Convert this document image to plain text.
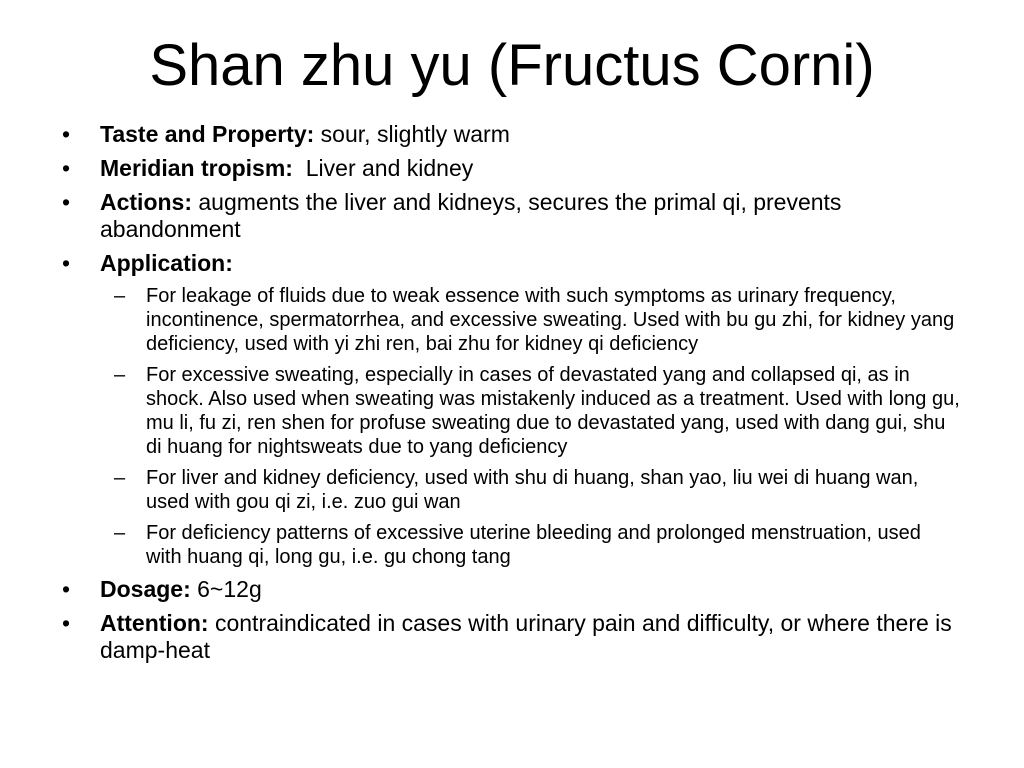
Shan zhu yu (Fructus Corni)
• Taste and Property: sour, slightly warm
• Meridian tropism:  Liver and kidney
• Actions: augments the liver and kidneys, secures the primal qi, prevents abandonment
• Application:
– For leakage of fluids due to weak essence with such symptoms as urinary frequency, incontinence, spermatorrhea, and excessive sweating. Used with bu gu zhi, for kidney yang deficiency, used with yi zhi ren, bai zhu for kidney qi deficiency
– For excessive sweating, especially in cases of devastated yang and collapsed qi, as in shock. Also used when sweating was mistakenly induced as a treatment. Used with long gu, mu li, fu zi, ren shen for profuse sweating due to devastated yang, used with dang gui, shu di huang for nightsweats due to yang deficiency
– For liver and kidney deficiency, used with shu di huang, shan yao, liu wei di huang wan, used with gou qi zi, i.e. zuo gui wan
– For deficiency patterns of excessive uterine bleeding and prolonged menstruation, used with huang qi, long gu, i.e. gu chong tang
• Dosage: 6~12g
• Attention: contraindicated in cases with urinary pain and difficulty, or where there is damp-heat
